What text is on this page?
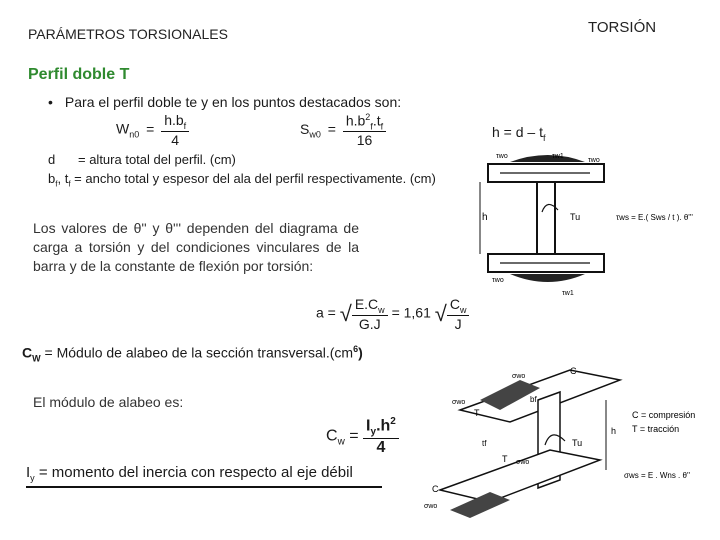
PARÁMETROS TORSIONALES	TORSIÓN
Perfil doble T
• Para el perfil doble te y en los puntos destacados son:
$W_{n0} = \frac{h.b_f}{4}$	$S_{w0} = \frac{h.b^2_f.t_f}{16}$	$h = d - t_f$
d = altura total del perfil. (cm)
$b_f$, $t_f$ = ancho total y espesor del ala del perfil respectivamente. (cm)
Los valores de θ'' y θ''' dependen del diagrama de carga a torsión y del condiciones vinculares de la barra y de la constante de flexión por torsión:
a = √ $\frac{E.C_w}{G.J} = 1,61$ √ $\frac{C_w}{J}$
$C_W$ = Módulo de alabeo de la sección $transversal.(cm^6)$
El módulo de alabeo es:
$C_w = \frac{I_y.h^2}{4}$
$I_y$ = momento del inercia con respecto al eje débil
h
τwo	τw1
τwo
Tu
τwo
τw1
τws = E.( Sws / t ). θ'''
C
σwo
σwo
T
bf
tf
T σwo
Tu
h
C
σwo
C = compresión
T = tracción
σws = E . Wns . θ''
